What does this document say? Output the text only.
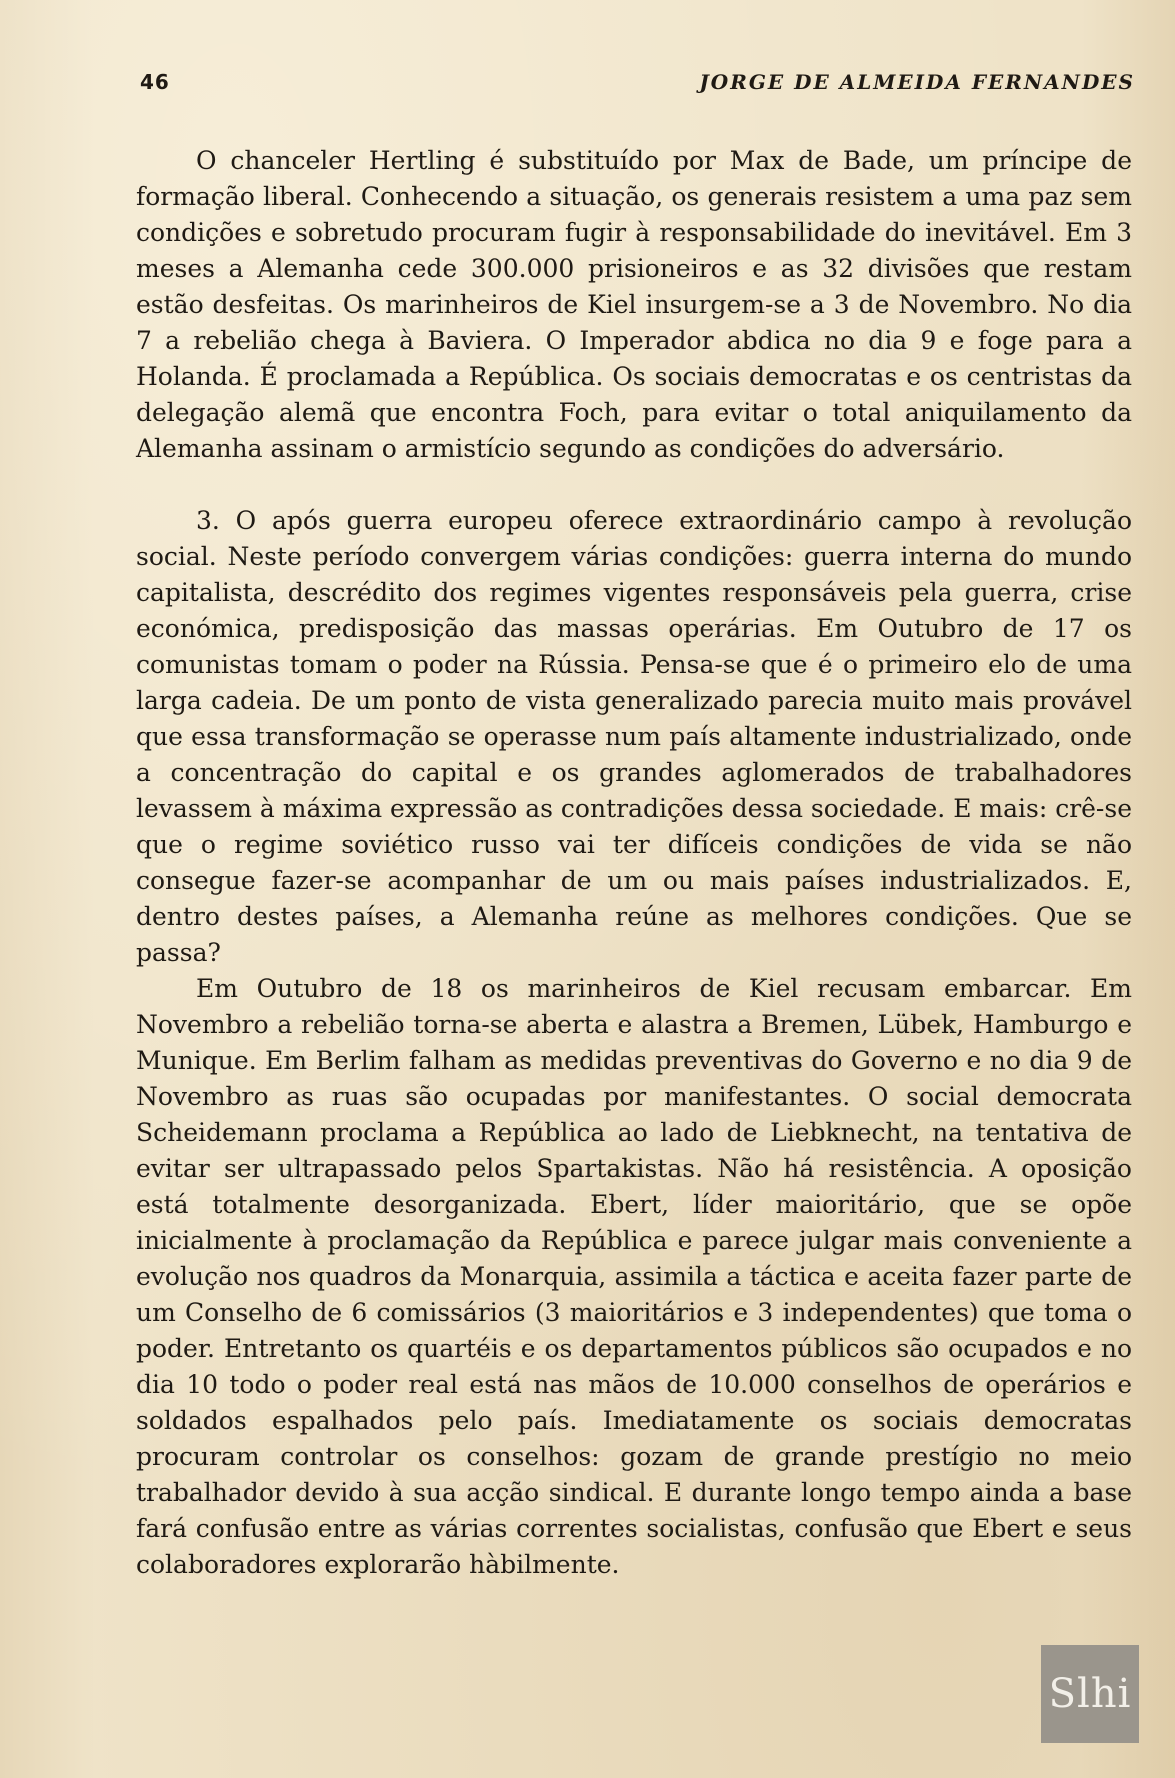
46	JORGE DE ALMEIDA FERNANDES

O chanceler Hertling é substituído por Max de Bade, um príncipe de formação liberal. Conhecendo a situação, os generais resistem a uma paz sem condições e sobretudo procuram fugir à responsabilidade do inevitável. Em 3 meses a Alemanha cede 300.000 prisioneiros e as 32 divisões que restam estão desfeitas. Os marinheiros de Kiel insurgem-se a 3 de Novembro. No dia 7 a rebelião chega à Baviera. O Imperador abdica no dia 9 e foge para a Holanda. É proclamada a República. Os sociais democratas e os centristas da delegação alemã que encontra Foch, para evitar o total aniquilamento da Alemanha assinam o armistício segundo as condições do adversário.

3. O após guerra europeu oferece extraordinário campo à revolução social. Neste período convergem várias condições: guerra interna do mundo capitalista, descrédito dos regimes vigentes responsáveis pela guerra, crise económica, predisposição das massas operárias. Em Outubro de 17 os comunistas tomam o poder na Rússia. Pensa-se que é o primeiro elo de uma larga cadeia. De um ponto de vista generalizado parecia muito mais provável que essa transformação se operasse num país altamente industrializado, onde a concentração do capital e os grandes aglomerados de trabalhadores levassem à máxima expressão as contradições dessa sociedade. E mais: crê-se que o regime soviético russo vai ter difíceis condições de vida se não consegue fazer-se acompanhar de um ou mais países industrializados. E, dentro destes países, a Alemanha reúne as melhores condições. Que se passa?

Em Outubro de 18 os marinheiros de Kiel recusam embarcar. Em Novembro a rebelião torna-se aberta e alastra a Bremen, Lübek, Hamburgo e Munique. Em Berlim falham as medidas preventivas do Governo e no dia 9 de Novembro as ruas são ocupadas por manifestantes. O social democrata Scheidemann proclama a República ao lado de Liebknecht, na tentativa de evitar ser ultrapassado pelos Spartakistas. Não há resistência. A oposição está totalmente desorganizada. Ebert, líder maioritário, que se opõe inicialmente à proclamação da República e parece julgar mais conveniente a evolução nos quadros da Monarquia, assimila a táctica e aceita fazer parte de um Conselho de 6 comissários (3 maioritários e 3 independentes) que toma o poder. Entretanto os quartéis e os departamentos públicos são ocupados e no dia 10 todo o poder real está nas mãos de 10.000 conselhos de operários e soldados espalhados pelo país. Imediatamente os sociais democratas procuram controlar os conselhos: gozam de grande prestígio no meio trabalhador devido à sua acção sindical. E durante longo tempo ainda a base fará confusão entre as várias correntes socialistas, confusão que Ebert e seus colaboradores explorarão hàbilmente.

Slhi
